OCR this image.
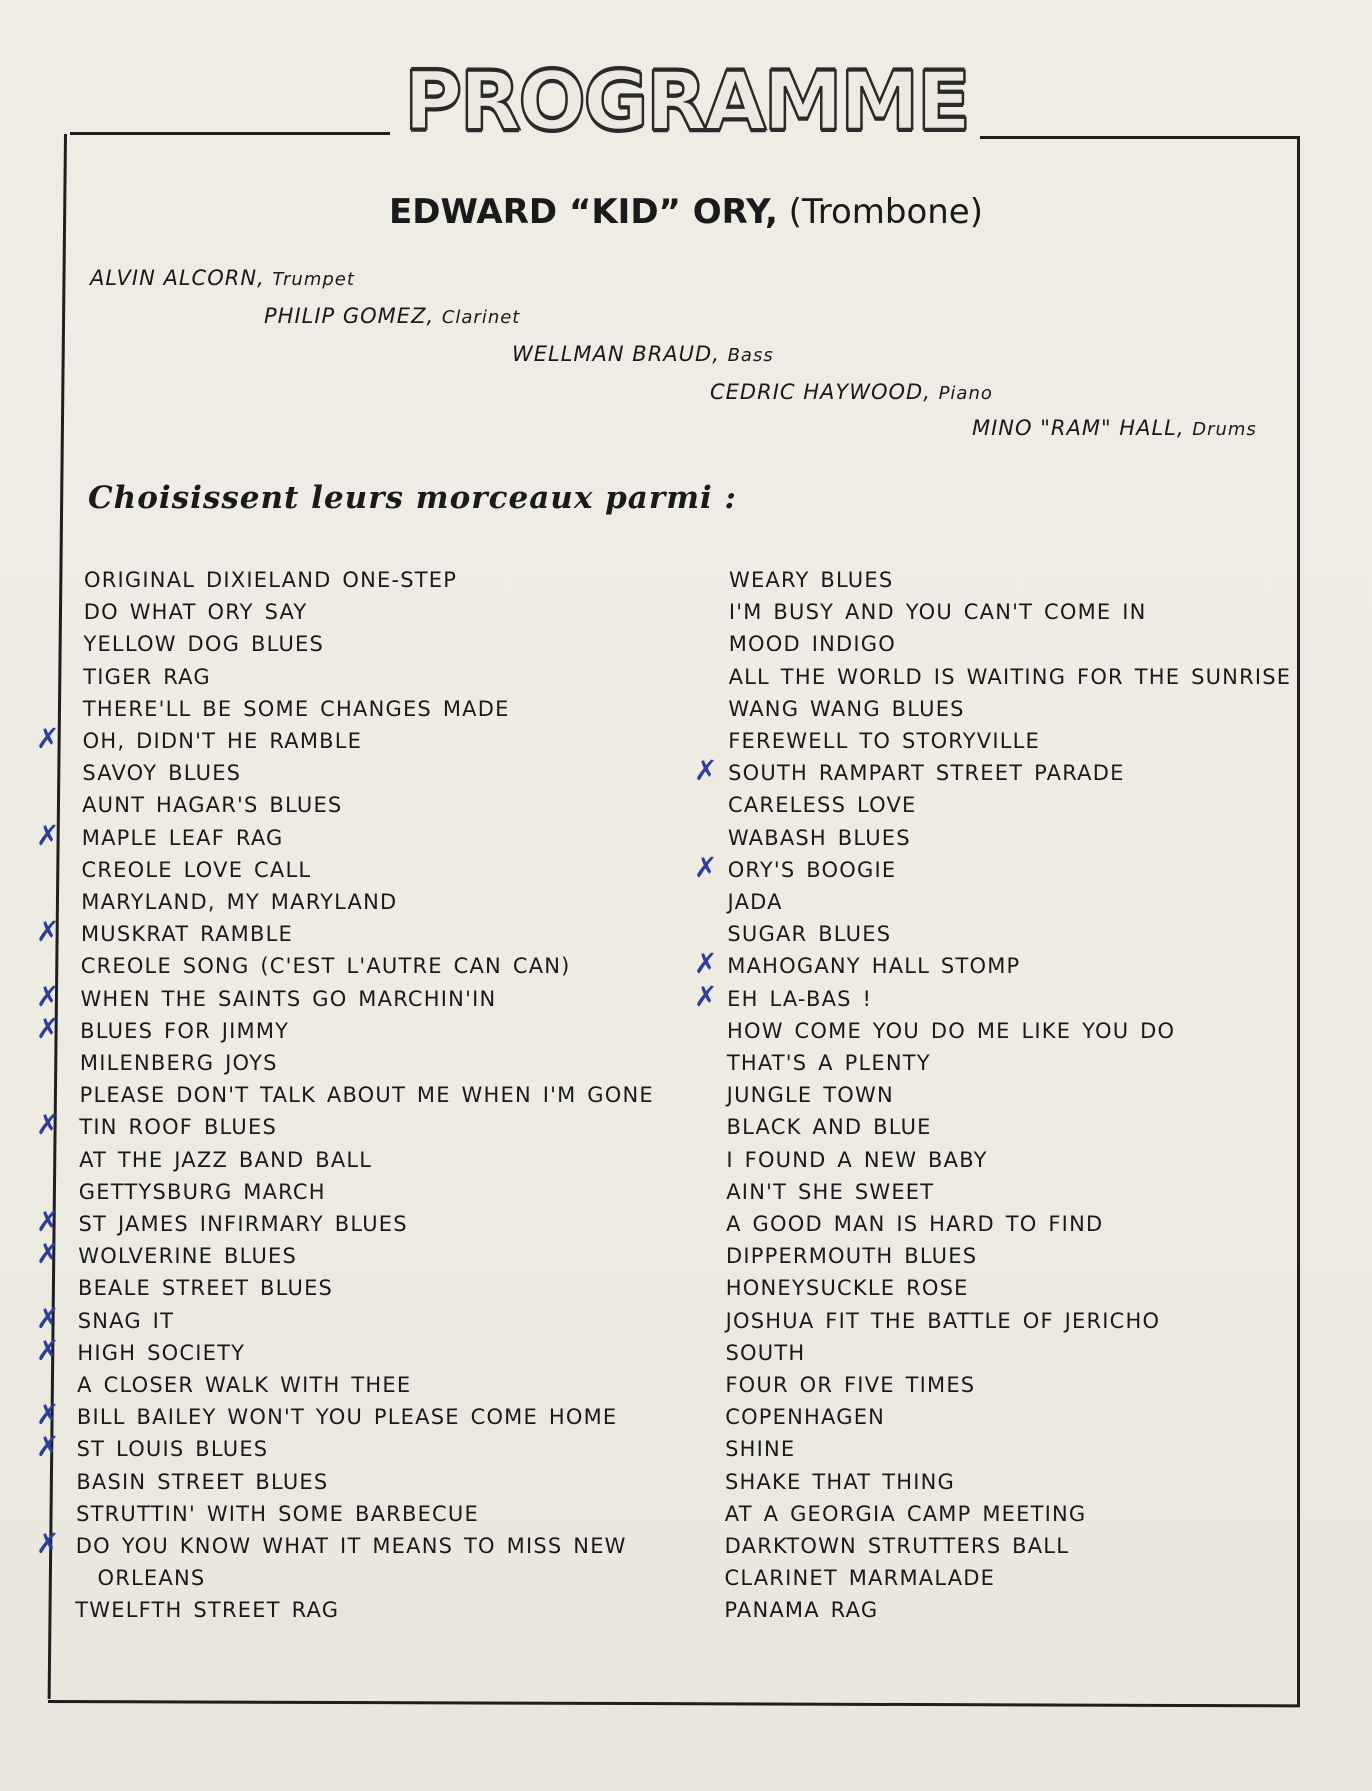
PROGRAMME
EDWARD “KID” ORY, (Trombone)
ALVIN ALCORN, Trumpet
PHILIP GOMEZ, Clarinet
WELLMAN BRAUD, Bass
CEDRIC HAYWOOD, Piano
MINO "RAM" HALL, Drums
Choisissent leurs morceaux parmi :
ORIGINAL DIXIELAND ONE-STEP
DO WHAT ORY SAY
YELLOW DOG BLUES
TIGER RAG
THERE'LL BE SOME CHANGES MADE
OH, DIDN'T HE RAMBLE
SAVOY BLUES
AUNT HAGAR'S BLUES
MAPLE LEAF RAG
CREOLE LOVE CALL
MARYLAND, MY MARYLAND
MUSKRAT RAMBLE
CREOLE SONG (C'EST L'AUTRE CAN CAN)
WHEN THE SAINTS GO MARCHIN'IN
BLUES FOR JIMMY
MILENBERG JOYS
PLEASE DON'T TALK ABOUT ME WHEN I'M GONE
TIN ROOF BLUES
AT THE JAZZ BAND BALL
GETTYSBURG MARCH
ST JAMES INFIRMARY BLUES
WOLVERINE BLUES
BEALE STREET BLUES
SNAG IT
HIGH SOCIETY
A CLOSER WALK WITH THEE
BILL BAILEY WON'T YOU PLEASE COME HOME
ST LOUIS BLUES
BASIN STREET BLUES
STRUTTIN' WITH SOME BARBECUE
DO YOU KNOW WHAT IT MEANS TO MISS NEW
ORLEANS
TWELFTH STREET RAG
WEARY BLUES
I'M BUSY AND YOU CAN'T COME IN
MOOD INDIGO
ALL THE WORLD IS WAITING FOR THE SUNRISE
WANG WANG BLUES
FEREWELL TO STORYVILLE
SOUTH RAMPART STREET PARADE
CARELESS LOVE
WABASH BLUES
ORY'S BOOGIE
JADA
SUGAR BLUES
MAHOGANY HALL STOMP
EH LA-BAS !
HOW COME YOU DO ME LIKE YOU DO
THAT'S A PLENTY
JUNGLE TOWN
BLACK AND BLUE
I FOUND A NEW BABY
AIN'T SHE SWEET
A GOOD MAN IS HARD TO FIND
DIPPERMOUTH BLUES
HONEYSUCKLE ROSE
JOSHUA FIT THE BATTLE OF JERICHO
SOUTH
FOUR OR FIVE TIMES
COPENHAGEN
SHINE
SHAKE THAT THING
AT A GEORGIA CAMP MEETING
DARKTOWN STRUTTERS BALL
CLARINET MARMALADE
PANAMA RAG
✗
✗
✗
✗
✗
✗
✗
✗
✗
✗
✗
✗
✗
✗
✗
✗
✗
